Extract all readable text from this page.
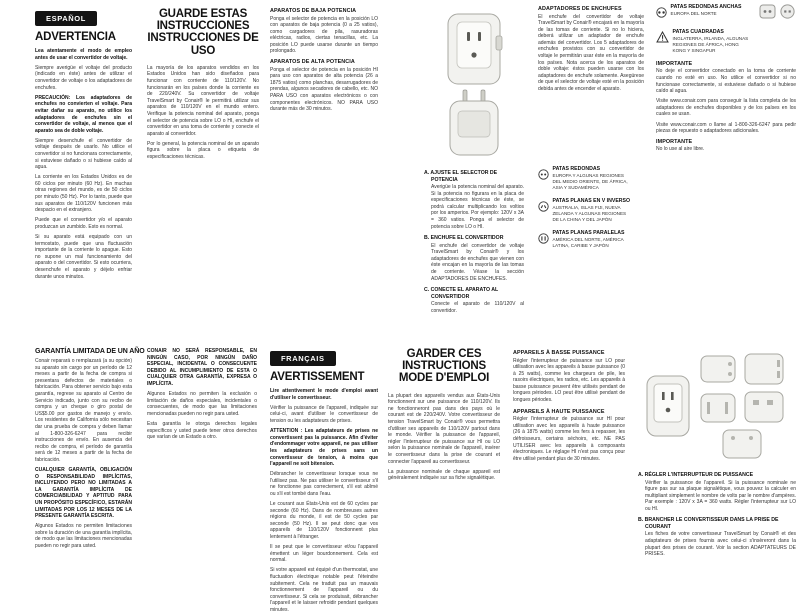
ESPAÑOL
ADVERTENCIA
Lea atentamente el modo de empleo antes de usar el convertidor de voltaje.
Siempre averigüe el voltaje del producto (indicado en éste) antes de utilizar el convertidor de voltaje o los adaptadores de enchufes.
PRECAUCIÓN: Los adaptadores de enchufes no convierten el voltaje. Para evitar dañar su aparato, no utilice los adaptadores de enchufes sin el convertidor de voltaje, al menos que el aparato sea de doble voltaje.
Siempre desenchufe el convertidor de voltaje después de usarlo. No utilice el convertidor si no funcionara correctamente, si estuviese dañado o si hubiese caído al agua.
La corriente en los Estados Unidos es de 60 ciclos por minuto (60 Hz). En muchas otras regiones del mundo, es de 50 ciclos por minuto (50 Hz). Por lo tanto, puede que sus aparatos de 110/120V funcionen más despacio en el extranjero.
Puede que el convertidor y/o el aparato produzcan un zumbido. Esto es normal.
Si su aparato está equipado con un termostato, puede que una fluctuación importante de la corriente lo apague. Esto no supone un mal funcionamiento del aparato o del convertidor. Si esto ocurriera, desenchufe el aparato y déjelo enfriar durante unos minutos.
GUARDE ESTAS INSTRUCCIONES
INSTRUCCIONES DE USO
La mayoría de los aparatos vendidos en los Estados Unidos han sido diseñados para funcionar con corriente de 110/120V. No funcionarán en los países donde la corriente es de 220/240V. Su convertidor de voltaje TravelSmart by Conair® le permitirá utilizar sus aparatos de 110/120V en el mundo entero. Verifique la potencia nominal del aparato, ponga el selector de potencia sobre LO o HI, enchufe el convertidor en una toma de corriente y conecte el aparato al convertidor.
Por lo general, la potencia nominal de un aparato figura sobre la placa o etiqueta de especificaciones técnicas.
APARATOS DE BAJA POTENCIA
Ponga el selector de potencia en la posición LO con aparatos de baja potencia (0 a 25 vatios), como cargadores de pila, rasuradoras eléctricas, radios, ciertas tenacillas, etc. La posición LO puede usarse durante un tiempo prolongado.
APARATOS DE ALTA POTENCIA
Ponga el selector de potencia en la posición HI para uso con aparatos de alta potencia (26 a 1875 vatios) como planchas, desarrugadores de prendas, algunos secadores de cabello, etc. NO PARA USO con aparatos electrónicos o con componentes electrónicos. NO PARA USO durante más de 30 minutos.
A. AJUSTE EL SELECTOR DE POTENCIA
Averigüe la potencia nominal del aparato. Si la potencia no figurara en la placa de especificaciones técnicas de éste, se podrá calcular multiplicando los voltios por los amperios. Por ejemplo: 120V x 3A = 360 vatios. Ponga el selector de potencia sobre LO o HI.
B. ENCHUFE EL CONVERTIDOR
El enchufe del convertidor de voltaje TravelSmart by Conair® y los adaptadores de enchufes que vienen con éste encajan en la mayoría de las tomas de corriente. Véase la sección ADAPTADORES DE ENCHUFES.
C. CONECTE EL APARATO AL CONVERTIDOR
Conecte el aparato de 110/120V al convertidor.
ADAPTADORES DE ENCHUFES
El enchufe del convertidor de voltaje TravelSmart by Conair® encajará en la mayoría de las tomas de corriente. Si no lo hiciera, deberá utilizar un adaptador de enchufe además del convertidor. Los 5 adaptadores de enchufes provistos con su convertidor de voltaje le permitirán usar éste en la mayoría de los países. Nota acerca de los aparatos de doble voltaje: éstos pueden usarse con los adaptadores de enchufe solamente. Asegúrese de que el selector de voltaje esté en la posición debida antes de encender el aparato.
PATAS REDONDAS
EUROPA Y ALGUNAS REGIONES DEL MEDIO ORIENTE, DE ÁFRICA, ASIA Y SUDAMÉRICA
PATAS PLANAS EN V INVERSO
AUSTRALIA, ISLAS FIJI, NUEVA ZELANDA Y ALGUNAS REGIONES DE LA CHINA Y DEL JAPÓN
PATAS PLANAS PARALELAS
AMÉRICA DEL NORTE, AMÉRICA LATINA, CARIBE Y JAPÓN
PATAS REDONDAS ANCHAS
EUROPA DEL NORTE
PATAS CUADRADAS
INGLATERRA, IRLANDA, ALGUNAS REGIONES DE ÁFRICA, HONG KONG Y SINGAPUR
IMPORTANTE
No deje el convertidor conectado en la toma de corriente cuando no esté en uso. No utilice el convertidor si no funcionase correctamente, si estuviese dañado o si hubiese caído al agua.
Visite www.conair.com para conseguir la lista completa de los adaptadores de enchufes disponibles y de los países en los cuales se usan.
Visite www.conair.com o llame al 1-800-326-6247 para pedir piezas de repuesto o adaptadores adicionales.
IMPORTANTE
No lo use al aire libre.
GARANTÍA LIMITADA DE UN AÑO
Conair reparará o remplazará (a su opción) su aparato sin cargo por un período de 12 meses a partir de la fecha de compra si presentara defectos de materiales o fabricación. Para obtener servicio bajo esta garantía, regrese su aparato al Centro de Servicio indicado, junto con su recibo de compra y un cheque o giro postal de US$5.00 por gastos de manejo y envío. Los residentes de California sólo necesitan dar una prueba de compra y deben llamar al 1-800-326-6247 para recibir instrucciones de envío. En ausencia del recibo de compra, el período de garantía será de 12 meses a partir de la fecha de fabricación.
CUALQUIER GARANTÍA, OBLIGACIÓN O RESPONSABILIDAD IMPLÍCITAS, INCLUYENDO PERO NO LIMITADAS A LA GARANTÍA IMPLÍCITA DE COMERCIABILIDAD Y APTITUD PARA UN PROPÓSITO ESPECÍFICO, ESTARÁN LIMITADAS POR LOS 12 MESES DE LA PRESENTE GARANTÍA ESCRITA.
Algunos Estados no permiten limitaciones sobre la duración de una garantía implícita, de modo que las limitaciones mencionadas pueden no regir para usted.
CONAIR NO SERÁ RESPONSABLE, EN NINGÚN CASO, POR NINGÚN DAÑO ESPECIAL, INCIDENTAL O CONSECUENTE DEBIDO AL INCUMPLIMIENTO DE ESTA O CUALQUIER OTRA GARANTÍA, EXPRESA O IMPLÍCITA.
Algunos Estados no permiten la exclusión o limitación de daños especiales, incidentales o consecuentes, de modo que las limitaciones mencionadas pueden no regir para usted.
Esta garantía le otorga derechos legales específicos y usted puede tener otros derechos que varían de un Estado a otro.
FRANÇAIS
AVERTISSEMENT
Lire attentivement le mode d'emploi avant d'utiliser le convertisseur.
Vérifier la puissance de l'appareil, indiquée sur celui-ci, avant d'utiliser le convertisseur de tension ou les adaptateurs de prises.
ATTENTION : Les adaptateurs de prises ne convertissent pas la puissance. Afin d'éviter d'endommager votre appareil, ne pas utiliser les adaptateurs de prises sans un convertisseur de tension, à moins que l'appareil ne soit bitension.
Débrancher le convertisseur lorsque vous ne l'utilisez pas. Ne pas utiliser le convertisseur s'il ne fonctionne pas correctement, s'il est abîmé ou s'il est tombé dans l'eau.
Le courant aux États-Unis est de 60 cycles par seconde (60 Hz). Dans de nombreuses autres régions du monde, il est de 50 cycles par seconde (50 Hz). Il se peut donc que vos appareils de 110/120V fonctionnent plus lentement à l'étranger.
Il se peut que le convertisseur et/ou l'appareil émettent un léger bourdonnement. Cela est normal.
Si votre appareil est équipé d'un thermostat, une fluctuation électrique notable peut l'éteindre subitement. Cela ne traduit pas un mauvais fonctionnement de l'appareil ou du convertisseur. Si cela se produisait, débrancher l'appareil et le laisser refroidir pendant quelques minutes.
GARDER CES INSTRUCTIONS
MODE D'EMPLOI
La plupart des appareils vendus aux États-Unis fonctionnent sur une puissance de 110/120V. Ils ne fonctionneront pas dans des pays où le courant est de 220/240V. Votre convertisseur de tension TravelSmart by Conair® vous permettra d'utiliser ses appareils de 110/120V partout dans le monde. Vérifier la puissance de l'appareil, régler l'interrupteur de puissance sur HI ou LO selon la puissance nominale de l'appareil, insérer le convertisseur dans la prise de courant et connecter l'appareil au convertisseur.
La puissance nominale de chaque appareil est généralement indiquée sur sa fiche signalétique.
APPAREILS À BASSE PUISSANCE
Régler l'interrupteur de puissance sur LO pour utilisation avec les appareils à basse puissance (0 à 25 watts), comme les chargeurs de pile, les rasoirs électriques, les radios, etc. Les appareils à basse puissance peuvent être utilisés pendant de longues périodes. LO peut être utilisé pendant de longues périodes.
APPAREILS À HAUTE PUISSANCE
Régler l'interrupteur de puissance sur HI pour utilisation avec les appareils à haute puissance (26 à 1875 watts) comme les fers à repasser, les défroisseurs, certains séchoirs, etc. NE PAS UTILISER avec les appareils à composants électroniques. Le réglage HI n'est pas conçu pour être utilisé pendant plus de 30 minutes.
A. RÉGLER L'INTERRUPTEUR DE PUISSANCE
Vérifier la puissance de l'appareil. Si la puissance nominale ne figure pas sur sa plaque signalétique, vous pouvez la calculer en multipliant simplement le nombre de volts par le nombre d'ampères. Par exemple : 120V x 3A = 360 watts. Régler l'interrupteur sur LO ou HI.
B. BRANCHER LE CONVERTISSEUR DANS LA PRISE DE COURANT
Les fiches de votre convertisseur TravelSmart by Conair® et des adaptateurs de prises fournis avec celui-ci s'insèreront dans la plupart des prises de courant. Voir la section ADAPTATEURS DE PRISES.
